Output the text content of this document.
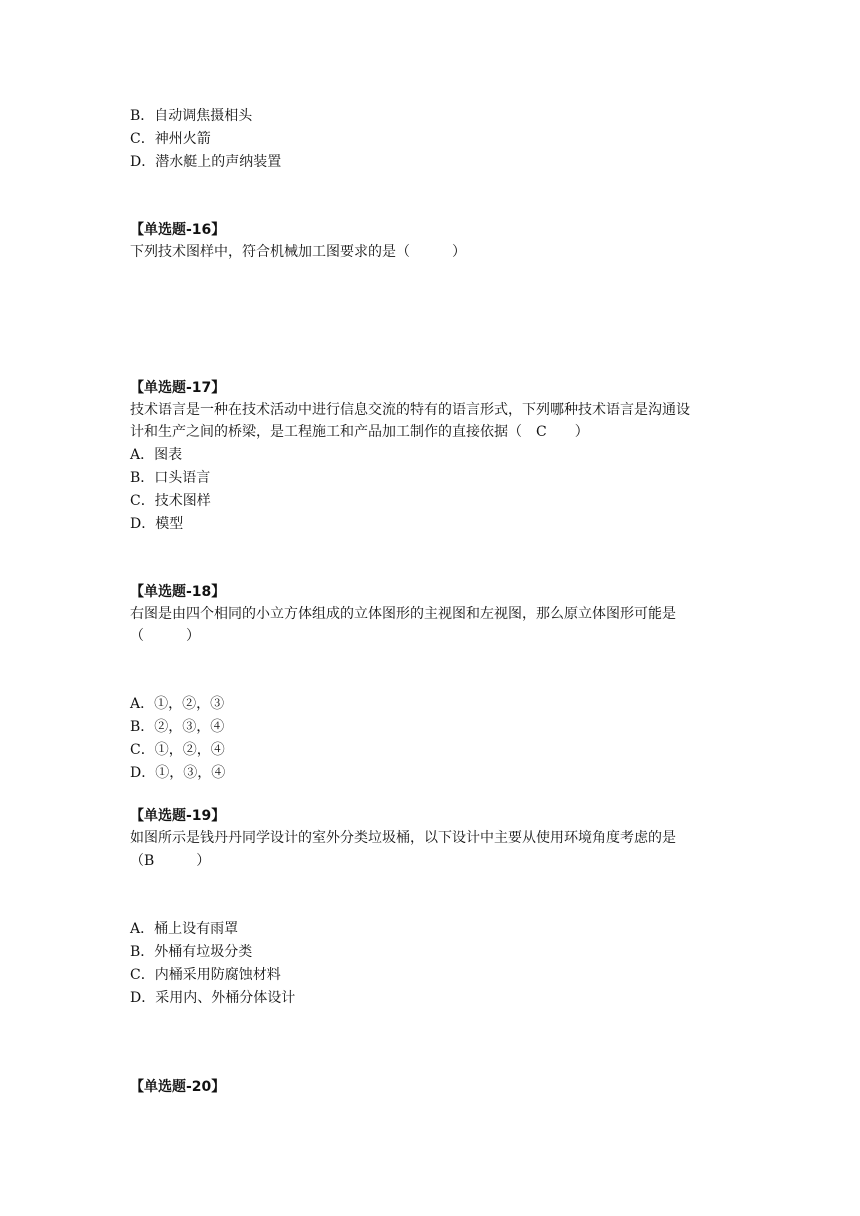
B．自动调焦摄相头

C．神州火箭

D．潜水艇上的声纳装置

【单选题-16】

下列技术图样中，符合机械加工图要求的是（　　　）

【单选题-17】

技术语言是一种在技术活动中进行信息交流的特有的语言形式，下列哪种技术语言是沟通设

计和生产之间的桥梁，是工程施工和产品加工制作的直接依据（　C　　）

A．图表

B．口头语言

C．技术图样

D．模型

【单选题-18】

右图是由四个相同的小立方体组成的立体图形的主视图和左视图，那么原立体图形可能是

（　　　）

A．①，②，③

B．②，③，④

C．①，②，④

D．①，③，④

【单选题-19】

如图所示是钱丹丹同学设计的室外分类垃圾桶，以下设计中主要从使用环境角度考虑的是

（B　　　）

A．桶上设有雨罩

B．外桶有垃圾分类

C．内桶采用防腐蚀材料

D．采用内、外桶分体设计

【单选题-20】
